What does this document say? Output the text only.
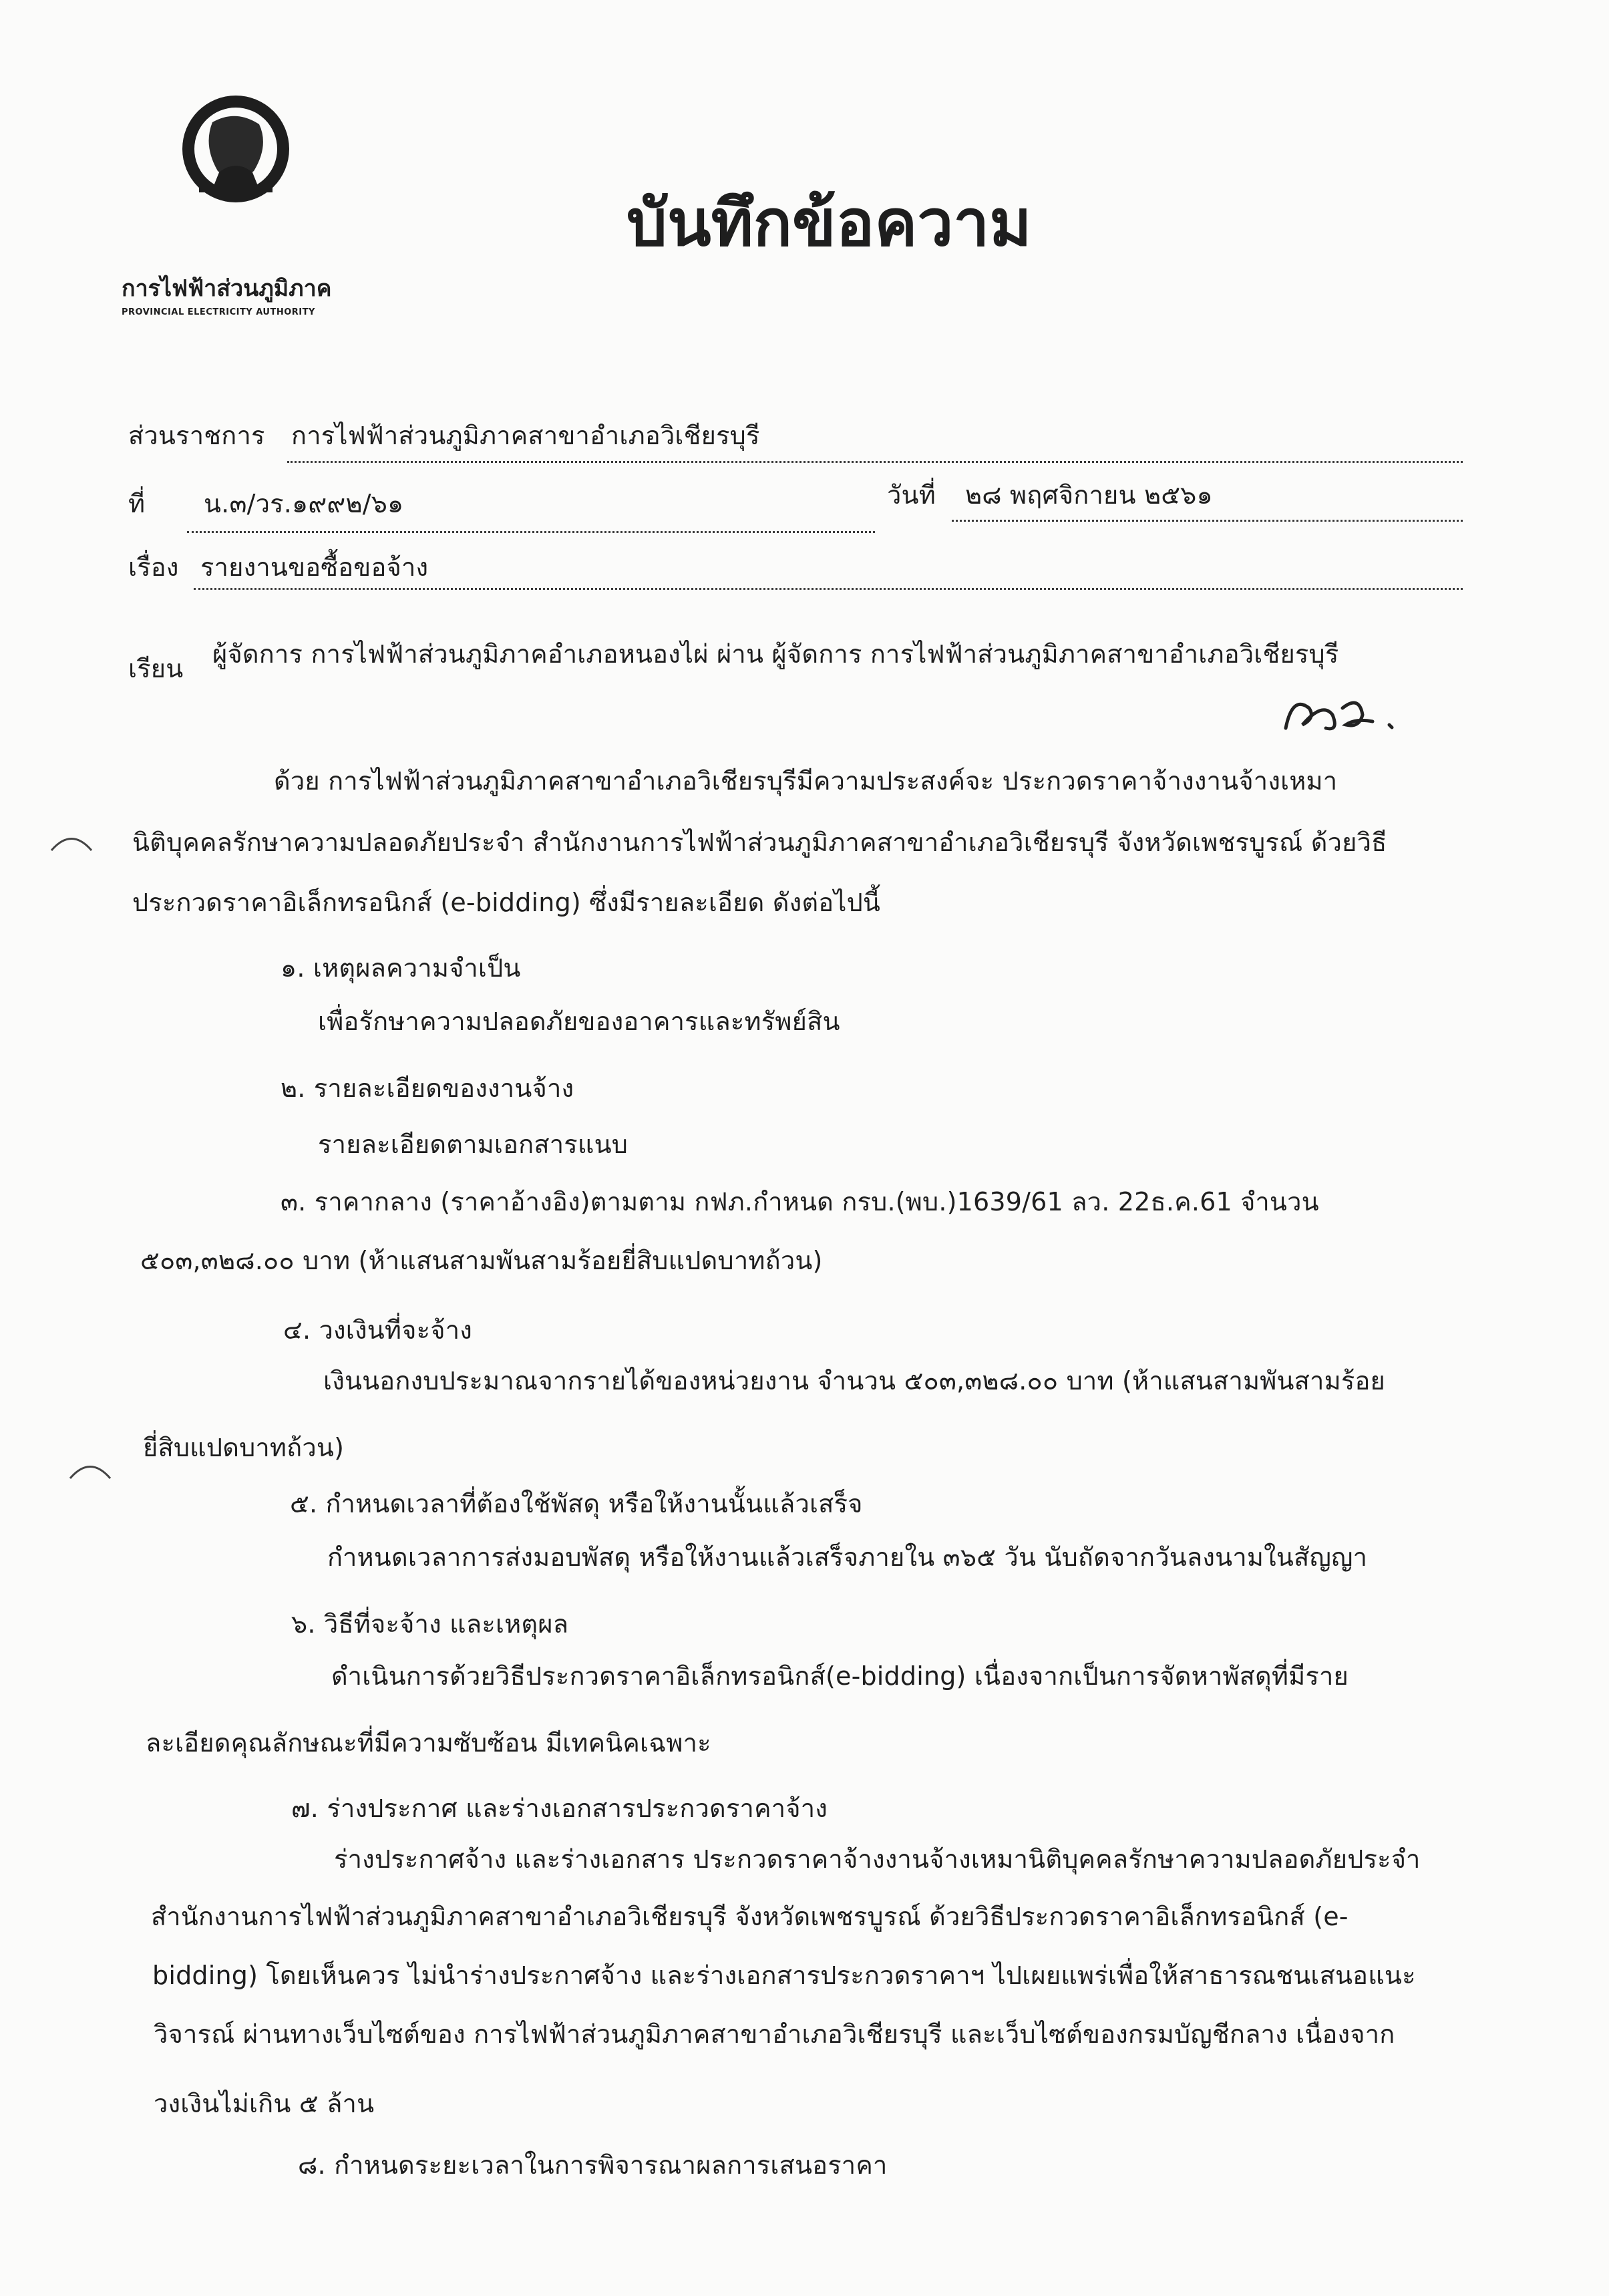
การไฟฟ้าส่วนภูมิภาค
PROVINCIAL ELECTRICITY AUTHORITY
บันทึกข้อความ
ส่วนราชการ การไฟฟ้าส่วนภูมิภาคสาขาอำเภอวิเชียรบุรี
ที่ น.๓/วร.๑๙๙๒/๖๑	วันที่ ๒๘ พฤศจิกายน ๒๕๖๑
เรื่อง รายงานขอซื้อขอจ้าง
เรียน ผู้จัดการ การไฟฟ้าส่วนภูมิภาคอำเภอหนองไผ่ ผ่าน ผู้จัดการ การไฟฟ้าส่วนภูมิภาคสาขาอำเภอวิเชียรบุรี
ด้วย การไฟฟ้าส่วนภูมิภาคสาขาอำเภอวิเชียรบุรีมีความประสงค์จะ ประกวดราคาจ้างงานจ้างเหมา
นิติบุคคลรักษาความปลอดภัยประจำ สำนักงานการไฟฟ้าส่วนภูมิภาคสาขาอำเภอวิเชียรบุรี จังหวัดเพชรบูรณ์ ด้วยวิธี
ประกวดราคาอิเล็กทรอนิกส์ (e-bidding) ซึ่งมีรายละเอียด ดังต่อไปนี้
๑. เหตุผลความจำเป็น
เพื่อรักษาความปลอดภัยของอาคารและทรัพย์สิน
๒. รายละเอียดของงานจ้าง
รายละเอียดตามเอกสารแนบ
๓. ราคากลาง (ราคาอ้างอิง)ตามตาม กฟภ.กำหนด กรบ.(พบ.)1639/61 ลว. 22ธ.ค.61 จำนวน
๕๐๓,๓๒๘.๐๐ บาท (ห้าแสนสามพันสามร้อยยี่สิบแปดบาทถ้วน)
๔. วงเงินที่จะจ้าง
เงินนอกงบประมาณจากรายได้ของหน่วยงาน จำนวน ๕๐๓,๓๒๘.๐๐ บาท (ห้าแสนสามพันสามร้อย
ยี่สิบแปดบาทถ้วน)
๕. กำหนดเวลาที่ต้องใช้พัสดุ หรือให้งานนั้นแล้วเสร็จ
กำหนดเวลาการส่งมอบพัสดุ หรือให้งานแล้วเสร็จภายใน ๓๖๕ วัน นับถัดจากวันลงนามในสัญญา
๖. วิธีที่จะจ้าง และเหตุผล
ดำเนินการด้วยวิธีประกวดราคาอิเล็กทรอนิกส์(e-bidding) เนื่องจากเป็นการจัดหาพัสดุที่มีราย
ละเอียดคุณลักษณะที่มีความซับซ้อน มีเทคนิคเฉพาะ
๗. ร่างประกาศ และร่างเอกสารประกวดราคาจ้าง
ร่างประกาศจ้าง และร่างเอกสาร ประกวดราคาจ้างงานจ้างเหมานิติบุคคลรักษาความปลอดภัยประจำ
สำนักงานการไฟฟ้าส่วนภูมิภาคสาขาอำเภอวิเชียรบุรี จังหวัดเพชรบูรณ์ ด้วยวิธีประกวดราคาอิเล็กทรอนิกส์ (e-
bidding) โดยเห็นควร ไม่นำร่างประกาศจ้าง และร่างเอกสารประกวดราคาฯ ไปเผยแพร่เพื่อให้สาธารณชนเสนอแนะ
วิจารณ์ ผ่านทางเว็บไซต์ของ การไฟฟ้าส่วนภูมิภาคสาขาอำเภอวิเชียรบุรี และเว็บไซต์ของกรมบัญชีกลาง เนื่องจาก
วงเงินไม่เกิน ๕ ล้าน
๘. กำหนดระยะเวลาในการพิจารณาผลการเสนอราคา
